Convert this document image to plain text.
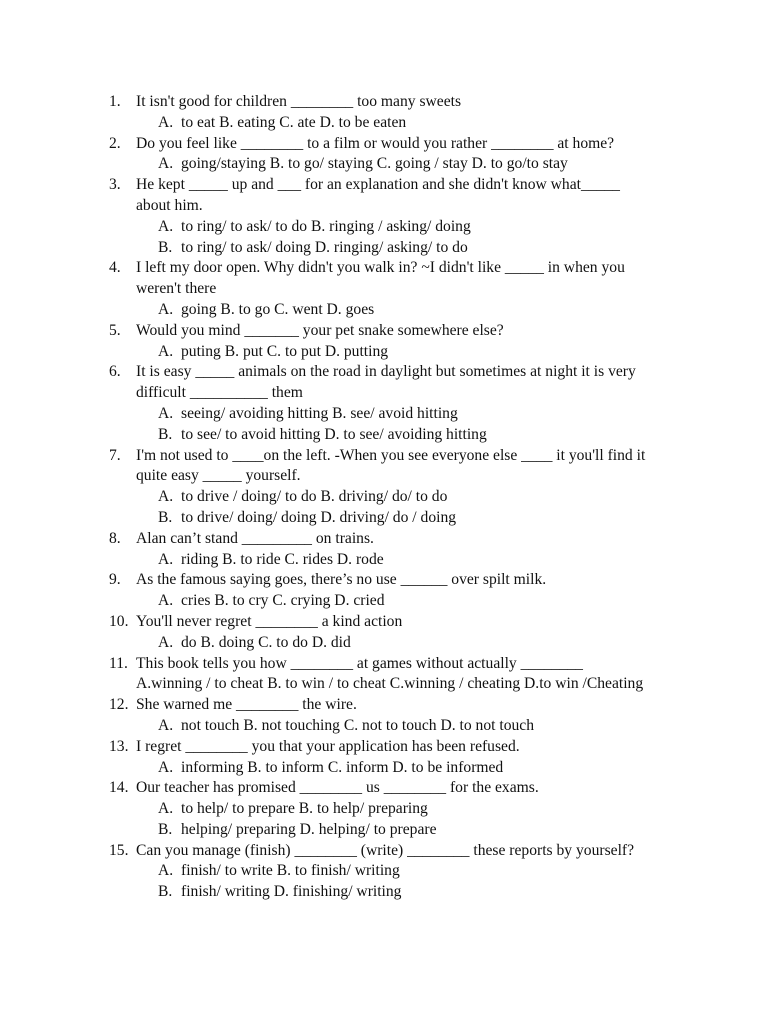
1. It isn't good for children ________ too many sweets
A. to eat B. eating C. ate D. to be eaten
2. Do you feel like ________ to a film or would you rather ________ at home?
A. going/staying B. to go/ staying C. going / stay D. to go/to stay
3. He kept _____ up and ___ for an explanation and she didn't know what_____
about him.
A. to ring/ to ask/ to do B. ringing / asking/ doing
B. to ring/ to ask/ doing D. ringing/ asking/ to do
4. I left my door open. Why didn't you walk in? ~I didn't like _____ in when you
weren't there
A. going B. to go C. went D. goes
5. Would you mind _______ your pet snake somewhere else?
A. puting B. put C. to put D. putting
6. It is easy _____ animals on the road in daylight but sometimes at night it is very
difficult __________ them
A. seeing/ avoiding hitting B. see/ avoid hitting
B. to see/ to avoid hitting D. to see/ avoiding hitting
7. I'm not used to ____on the left. -When you see everyone else ____ it you'll find it
quite easy _____ yourself.
A. to drive / doing/ to do B. driving/ do/ to do
B. to drive/ doing/ doing D. driving/ do / doing
8. Alan can’t stand _________ on trains.
A. riding B. to ride C. rides D. rode
9. As the famous saying goes, there’s no use ______ over spilt milk.
A. cries B. to cry C. crying D. cried
10. You'll never regret ________ a kind action
A. do B. doing C. to do D. did
11. This book tells you how ________ at games without actually ________
A.winning / to cheat B. to win / to cheat C.winning / cheating D.to win /Cheating
12. She warned me ________ the wire.
A. not touch B. not touching C. not to touch D. to not touch
13. I regret ________ you that your application has been refused.
A. informing B. to inform C. inform D. to be informed
14. Our teacher has promised ________ us ________ for the exams.
A. to help/ to prepare B. to help/ preparing
B. helping/ preparing D. helping/ to prepare
15. Can you manage (finish) ________ (write) ________ these reports by yourself?
A. finish/ to write B. to finish/ writing
B. finish/ writing D. finishing/ writing
